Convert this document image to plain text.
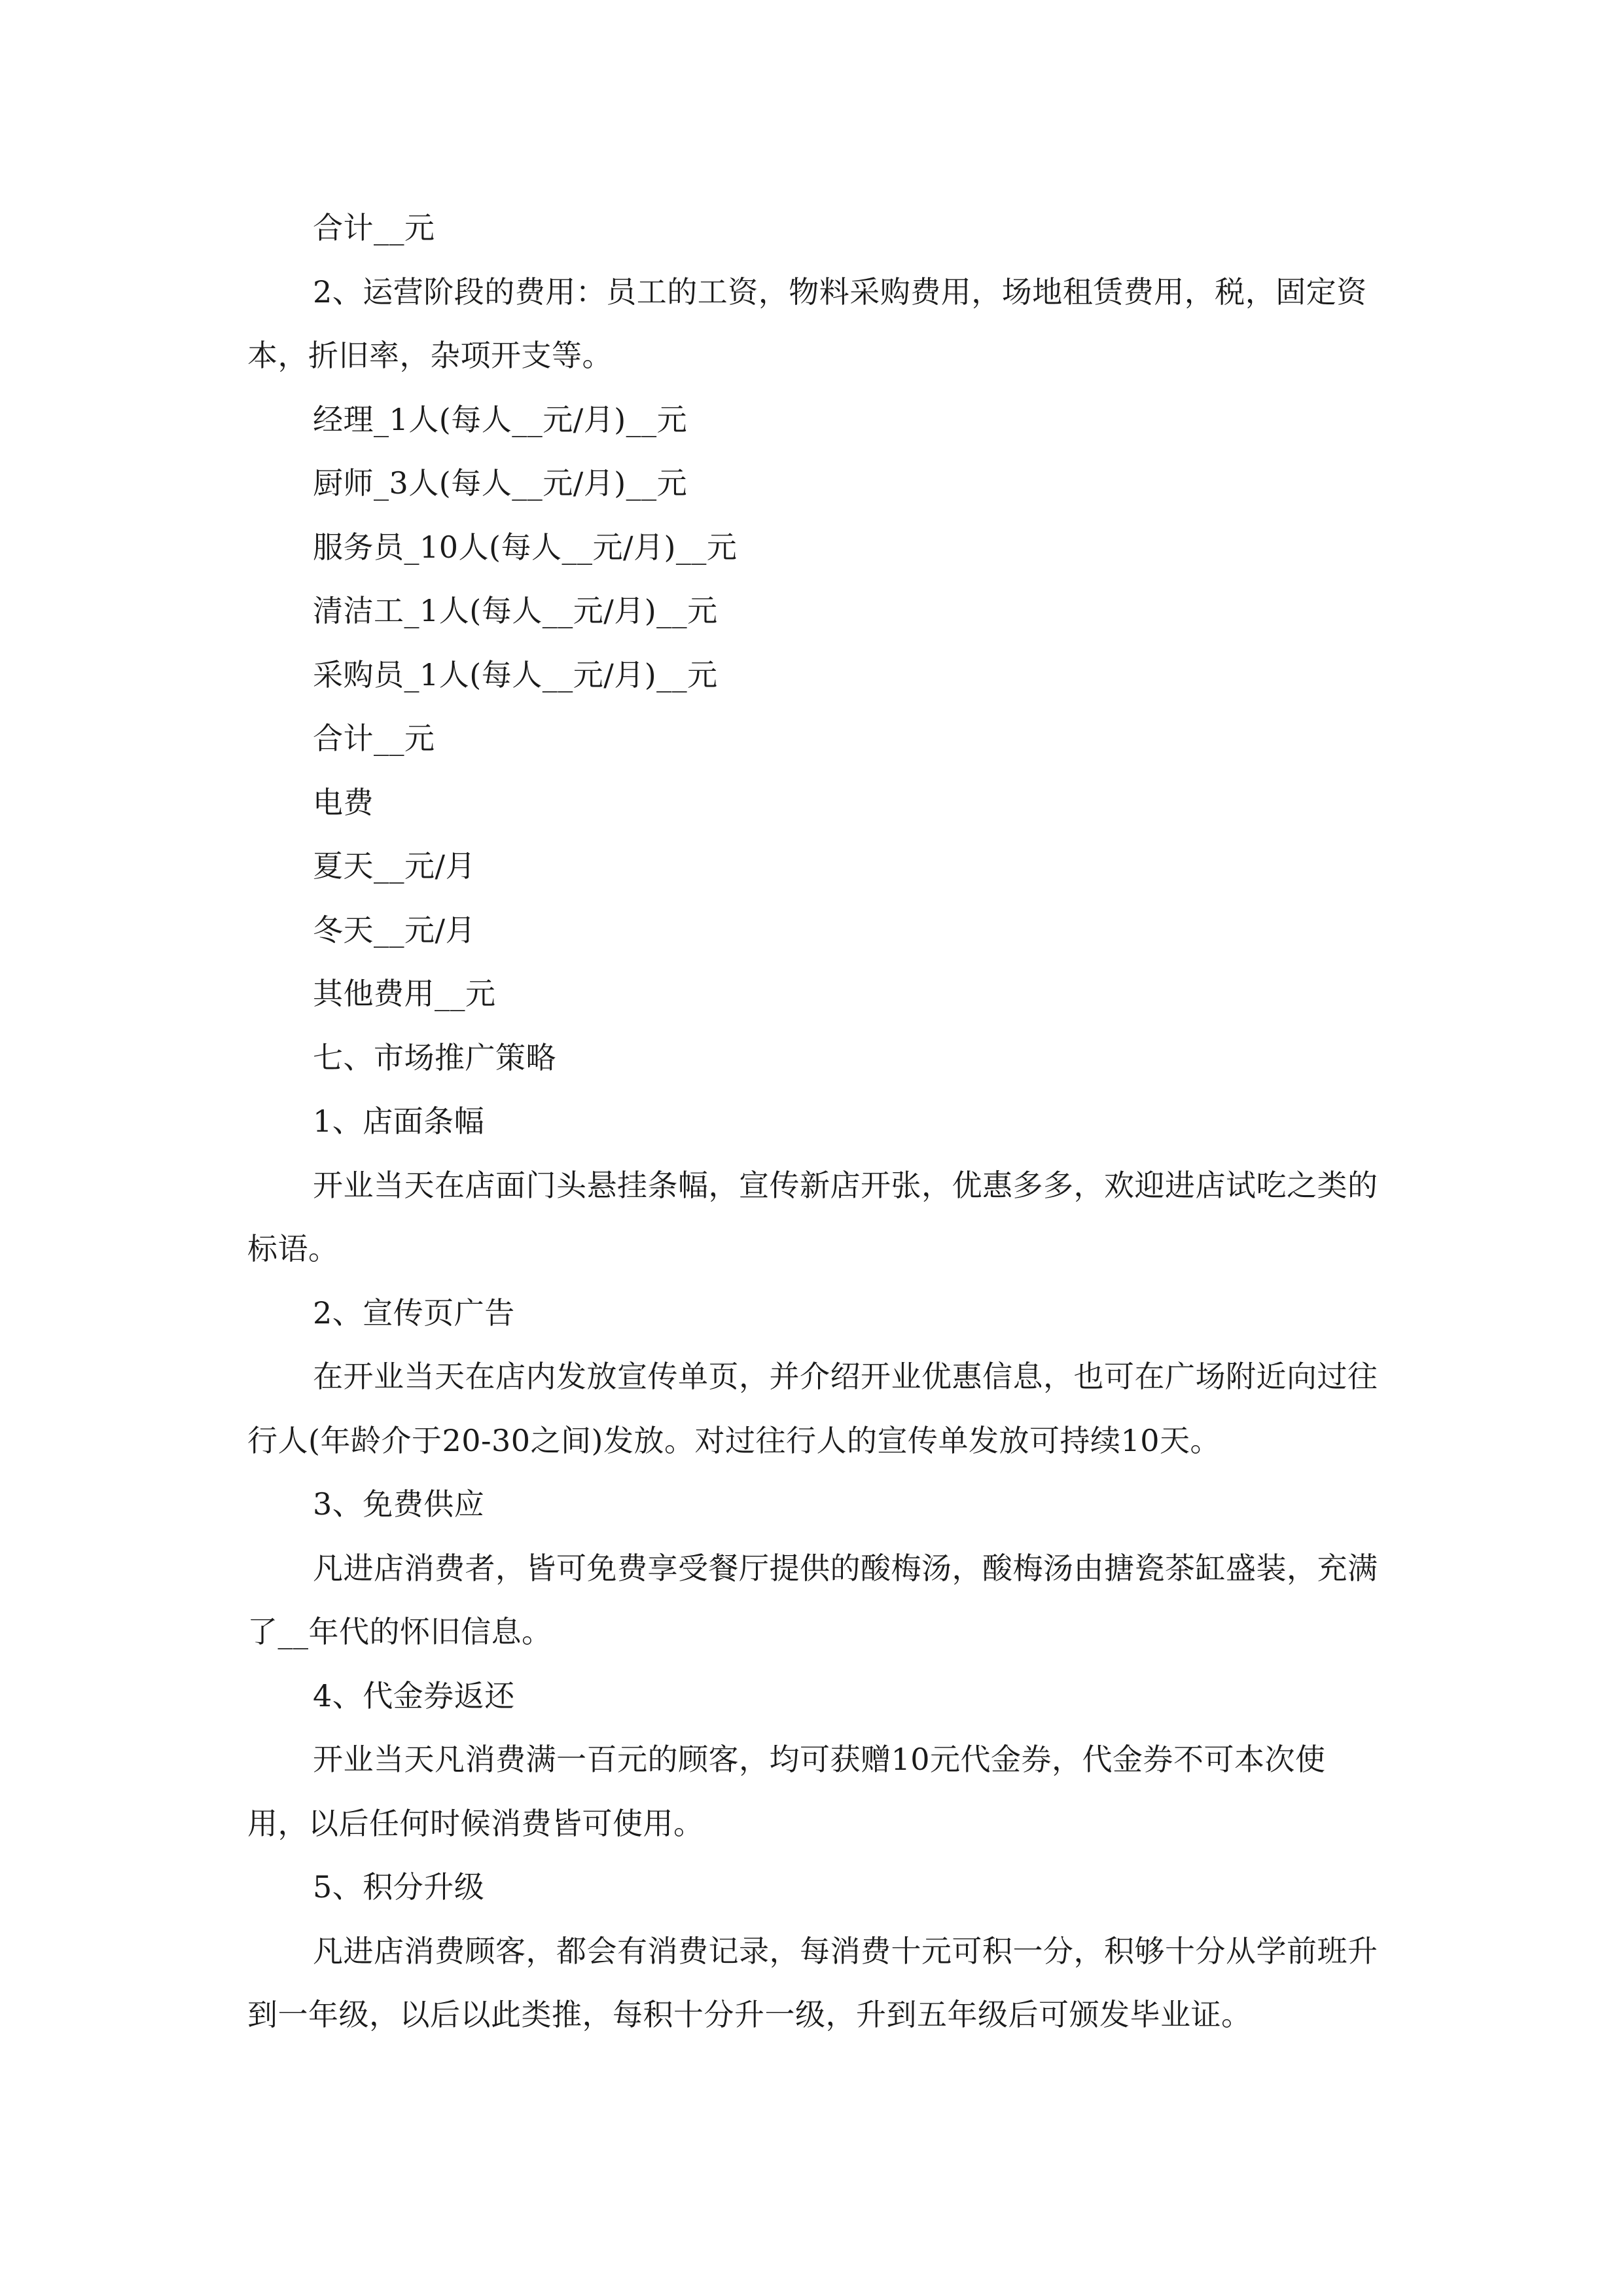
合计__元

2、运营阶段的费用：员工的工资，物料采购费用，场地租赁费用，税，固定资本，折旧率，杂项开支等。

经理_1人(每人__元/月)__元

厨师_3人(每人__元/月)__元

服务员_10人(每人__元/月)__元

清洁工_1人(每人__元/月)__元

采购员_1人(每人__元/月)__元

合计__元

电费

夏天__元/月

冬天__元/月

其他费用__元

七、市场推广策略

1、店面条幅

开业当天在店面门头悬挂条幅，宣传新店开张，优惠多多，欢迎进店试吃之类的标语。

2、宣传页广告

在开业当天在店内发放宣传单页，并介绍开业优惠信息，也可在广场附近向过往行人(年龄介于20-30之间)发放。对过往行人的宣传单发放可持续10天。

3、免费供应

凡进店消费者，皆可免费享受餐厅提供的酸梅汤，酸梅汤由搪瓷茶缸盛装，充满了__年代的怀旧信息。

4、代金券返还

开业当天凡消费满一百元的顾客，均可获赠10元代金券，代金券不可本次使用，以后任何时候消费皆可使用。

5、积分升级

凡进店消费顾客，都会有消费记录，每消费十元可积一分，积够十分从学前班升到一年级，以后以此类推，每积十分升一级，升到五年级后可颁发毕业证。
